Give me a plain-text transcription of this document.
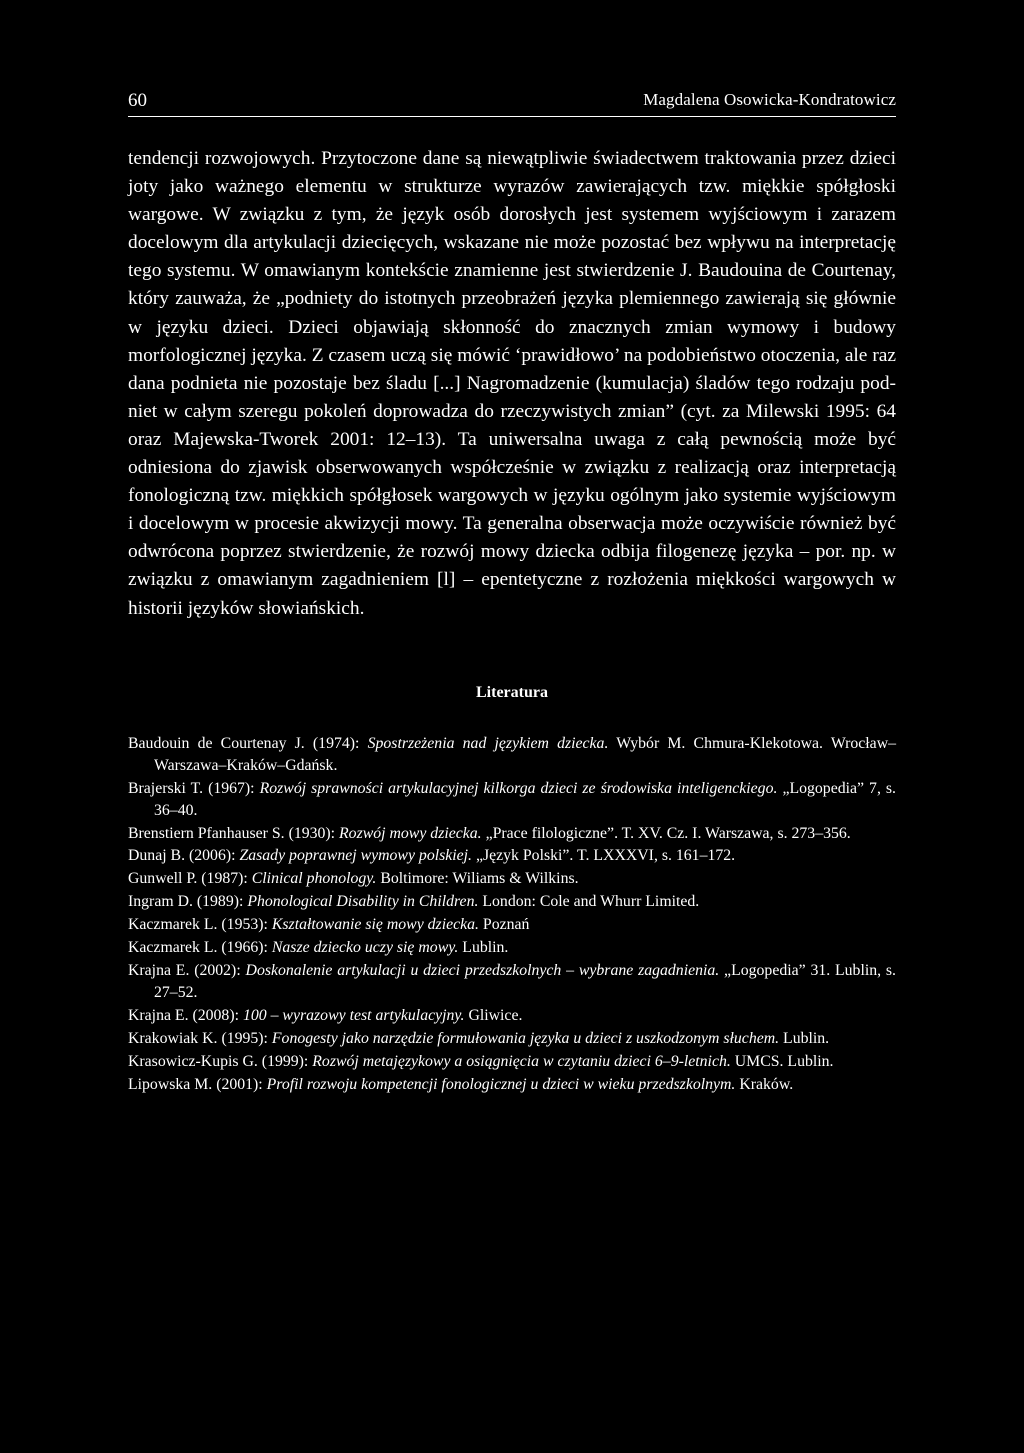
60	Magdalena Osowicka-Kondratowicz

tendencji rozwojowych. Przytoczone dane są niewątpliwie świadectwem traktowania przez dzieci joty jako ważnego elementu w strukturze wyrazów zawierających tzw. miękkie spółgłoski wargowe. W związku z tym, że język osób dorosłych jest systemem wyjściowym i zarazem docelowym dla artykulacji dziecięcych, wskazane nie może pozostać bez wpływu na interpretację tego systemu. W omawianym kontekście znamienne jest stwierdzenie J. Baudouina de Courtenay, który zauważa, że „podniety do istotnych przeobrażeń języka plemiennego zawierają się głównie w języku dzieci. Dzieci objawiają skłonność do znacznych zmian wymowy i budowy morfologicznej języka. Z czasem uczą się mówić ‘prawidłowo’ na podobieństwo otoczenia, ale raz dana podnieta nie pozostaje bez śladu [...] Nagromadzenie (kumulacja) śladów tego rodzaju podniet w całym szeregu pokoleń doprowadza do rzeczywistych zmian” (cyt. za Milewski 1995: 64 oraz Majewska-Tworek 2001: 12–13). Ta uniwersalna uwaga z całą pewnością może być odniesiona do zjawisk obserwowanych współcześnie w związku z realizacją oraz interpretacją fonologiczną tzw. miękkich spółgłosek wargowych w języku ogólnym jako systemie wyjściowym i docelowym w procesie akwizycji mowy. Ta generalna obserwacja może oczywiście również być odwrócona poprzez stwierdzenie, że rozwój mowy dziecka odbija filogenezę języka – por. np. w związku z omawianym zagadnieniem [l] – epentetyczne z rozłożenia miękkości wargowych w historii języków słowiańskich.

Literatura
Baudouin de Courtenay J. (1974): Spostrzeżenia nad językiem dziecka. Wybór M. Chmura-Klekotowa. Wrocław–Warszawa–Kraków–Gdańsk.
Brajerski T. (1967): Rozwój sprawności artykulacyjnej kilkorga dzieci ze środowiska inteligenckiego. „Logopedia” 7, s. 36–40.
Brenstiern Pfanhauser S. (1930): Rozwój mowy dziecka. „Prace filologiczne”. T. XV. Cz. I. Warszawa, s. 273–356.
Dunaj B. (2006): Zasady poprawnej wymowy polskiej. „Język Polski”. T. LXXXVI, s. 161–172.
Gunwell P. (1987): Clinical phonology. Boltimore: Wiliams & Wilkins.
Ingram D. (1989): Phonological Disability in Children. London: Cole and Whurr Limited.
Kaczmarek L. (1953): Kształtowanie się mowy dziecka. Poznań
Kaczmarek L. (1966): Nasze dziecko uczy się mowy. Lublin.
Krajna E. (2002): Doskonalenie artykulacji u dzieci przedszkolnych – wybrane zagadnienia. „Logopedia” 31. Lublin, s. 27–52.
Krajna E. (2008): 100 – wyrazowy test artykulacyjny. Gliwice.
Krakowiak K. (1995): Fonogesty jako narzędzie formułowania języka u dzieci z uszkodzonym słuchem. Lublin.
Krasowicz-Kupis G. (1999): Rozwój metajęzykowy a osiągnięcia w czytaniu dzieci 6–9-letnich. UMCS. Lublin.
Lipowska M. (2001): Profil rozwoju kompetencji fonologicznej u dzieci w wieku przedszkolnym. Kraków.
